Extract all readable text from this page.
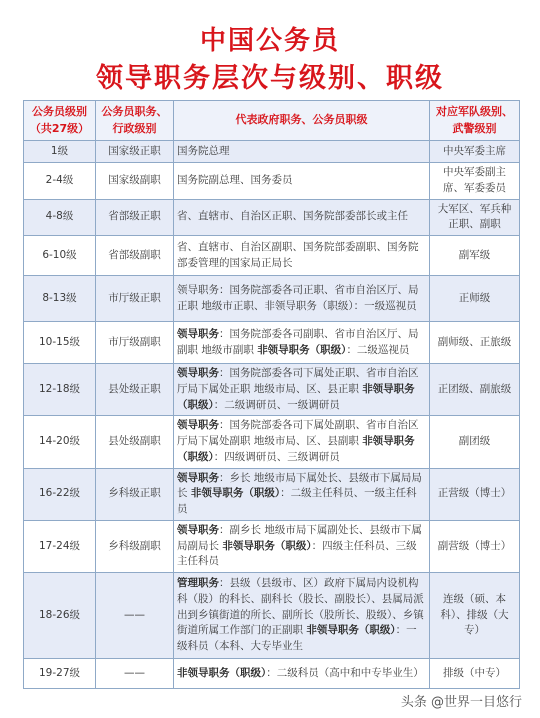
中国公务员
领导职务层次与级别、职级
公务员级别（共27级）	公务员职务、行政级别	代表政府职务、公务员职级	对应军队级别、武警级别
1级	国家级正职	国务院总理	中央军委主席
2-4级	国家级副职	国务院副总理、国务委员	中央军委副主席、军委委员
4-8级	省部级正职	省、直辖市、自治区正职、国务院部委部长或主任	大军区、军兵种正职、副职
6-10级	省部级副职	省、直辖市、自治区副职、国务院部委副职、国务院部委管理的国家局正局长	副军级
8-13级	市厅级正职	领导职务：国务院部委各司正职、省市自治区厅、局正职 地级市正职、非领导职务（职级）：一级巡视员	正师级
10-15级	市厅级副职	领导职务：国务院部委各司副职、省市自治区厅、局副职 地级市副职 非领导职务（职级）：二级巡视员	副师级、正旅级
12-18级	县处级正职	领导职务：国务院部委各司下属处正职、省市自治区厅局下属处正职 地级市局、区、县正职 非领导职务（职级）：二级调研员、一级调研员	正团级、副旅级
14-20级	县处级副职	领导职务：国务院部委各司下属处副职、省市自治区厅局下属处副职 地级市局、区、县副职 非领导职务（职级）：四级调研员、三级调研员	副团级
16-22级	乡科级正职	领导职务：乡长 地级市局下属处长、县级市下属局局长 非领导职务（职级）：二级主任科员、一级主任科员	正营级（博士）
17-24级	乡科级副职	领导职务：副乡长 地级市局下属副处长、县级市下属局副局长 非领导职务（职级）：四级主任科员、三级主任科员	副营级（博士）
18-26级	——	管理职务：县级（县级市、区）政府下属局内设机构科（股）的科长、副科长（股长、副股长）、县属局派出到乡镇街道的所长、副所长（股所长、股级）、乡镇街道所属工作部门的正副职 非领导职务（职级）：一级科员（本科、大专毕业生	连级（硕、本科）、排级（大专）
19-27级	——	非领导职务（职级）：二级科员（高中和中专毕业生）	排级（中专）
头条 @世界一目悠行
